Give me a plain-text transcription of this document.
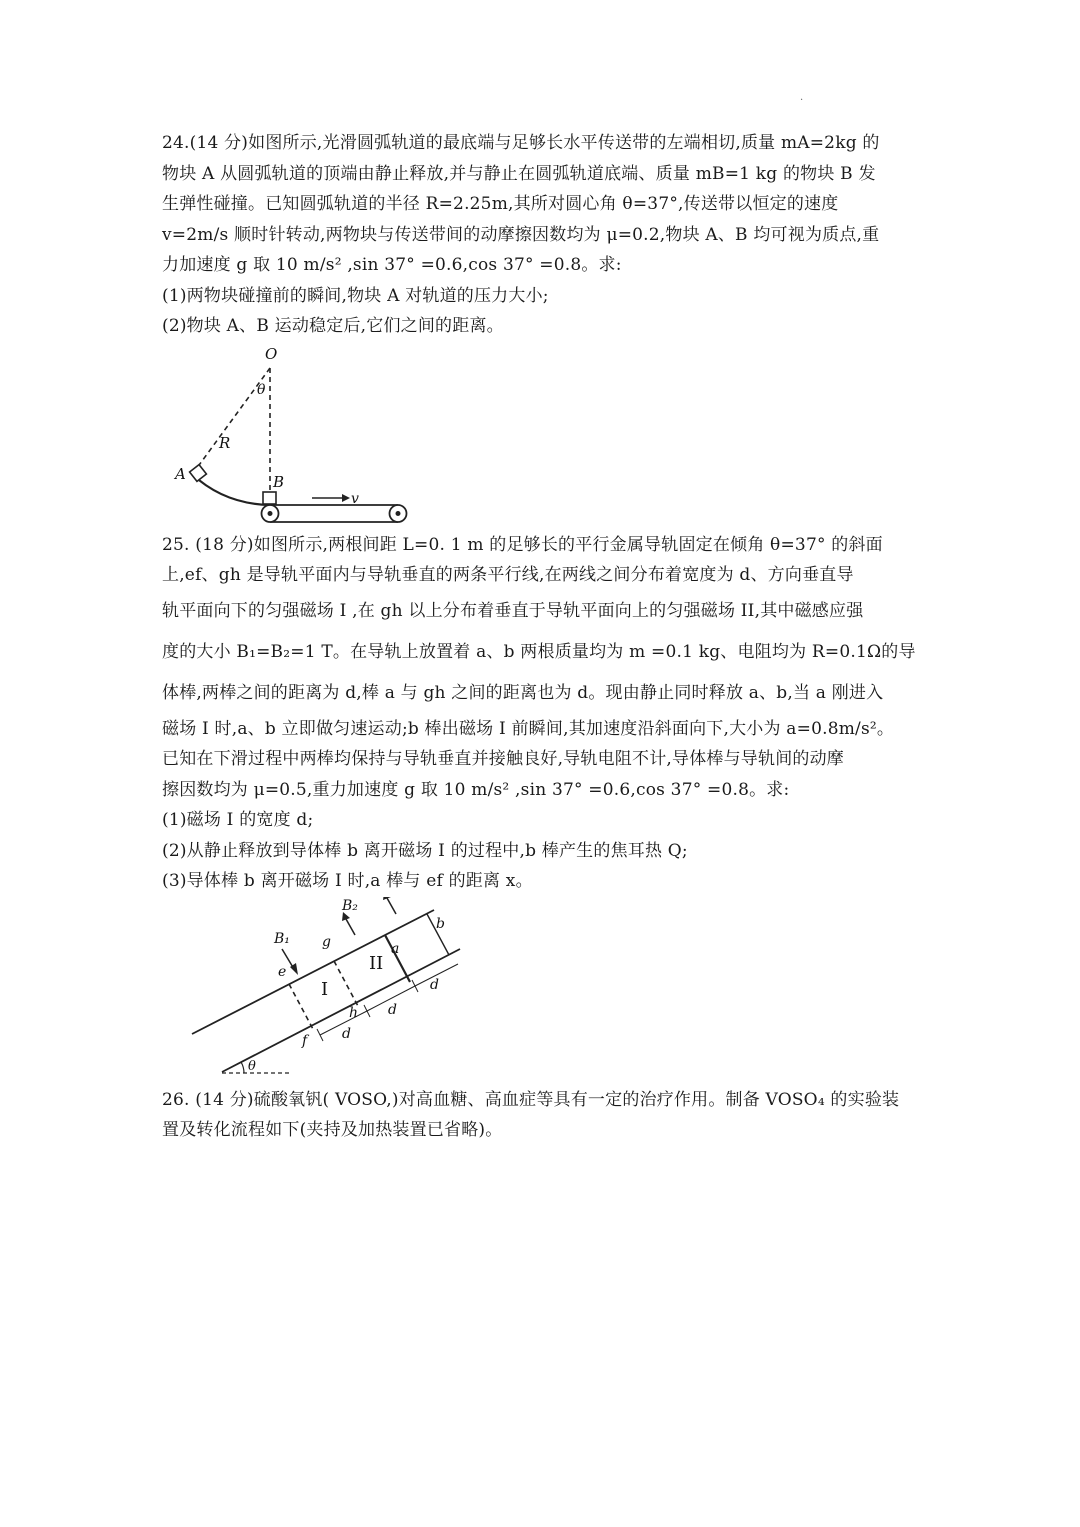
.
24.(14 分)如图所示,光滑圆弧轨道的最底端与足够长水平传送带的左端相切,质量 mA=2kg 的
物块 A 从圆弧轨道的顶端由静止释放,并与静止在圆弧轨道底端、质量 mB=1 kg 的物块 B 发
生弹性碰撞。已知圆弧轨道的半径 R=2.25m,其所对圆心角 θ=37°,传送带以恒定的速度
v=2m/s 顺时针转动,两物块与传送带间的动摩擦因数均为 μ=0.2,物块 A、B 均可视为质点,重
力加速度 g 取 10 m/s² ,sin 37° =0.6,cos 37° =0.8。求:
(1)两物块碰撞前的瞬间,物块 A 对轨道的压力大小;
(2)物块 A、B 运动稳定后,它们之间的距离。
O
θ
R
A	B
v
25. (18 分)如图所示,两根间距 L=0. 1 m 的足够长的平行金属导轨固定在倾角 θ=37° 的斜面
上,ef、gh 是导轨平面内与导轨垂直的两条平行线,在两线之间分布着宽度为 d、方向垂直导
轨平面向下的匀强磁场 I ,在 gh 以上分布着垂直于导轨平面向上的匀强磁场 II,其中磁感应强
度的大小 B₁=B₂=1 T。在导轨上放置着 a、b 两根质量均为 m =0.1 kg、电阻均为 R=0.1Ω的导
体棒,两棒之间的距离为 d,棒 a 与 gh 之间的距离也为 d。现由静止同时释放 a、b,当 a 刚进入
磁场 I 时,a、b 立即做匀速运动;b 棒出磁场 I 前瞬间,其加速度沿斜面向下,大小为 a=0.8m/s²。
已知在下滑过程中两棒均保持与导轨垂直并接触良好,导轨电阻不计,导体棒与导轨间的动摩
擦因数均为 μ=0.5,重力加速度 g 取 10 m/s² ,sin 37° =0.6,cos 37° =0.8。求:
(1)磁场 I 的宽度 d;
(2)从静止释放到导体棒 b 离开磁场 I 的过程中,b 棒产生的焦耳热 Q;
(3)导体棒 b 离开磁场 I 时,a 棒与 ef 的距离 x。
B₁
B₂
e
g
I
II
a
b
h
f d
d
d
θ
26. (14 分)硫酸氧钒( VOSO,)对高血糖、高血症等具有一定的治疗作用。制备 VOSO₄ 的实验装
置及转化流程如下(夹持及加热装置已省略)。
